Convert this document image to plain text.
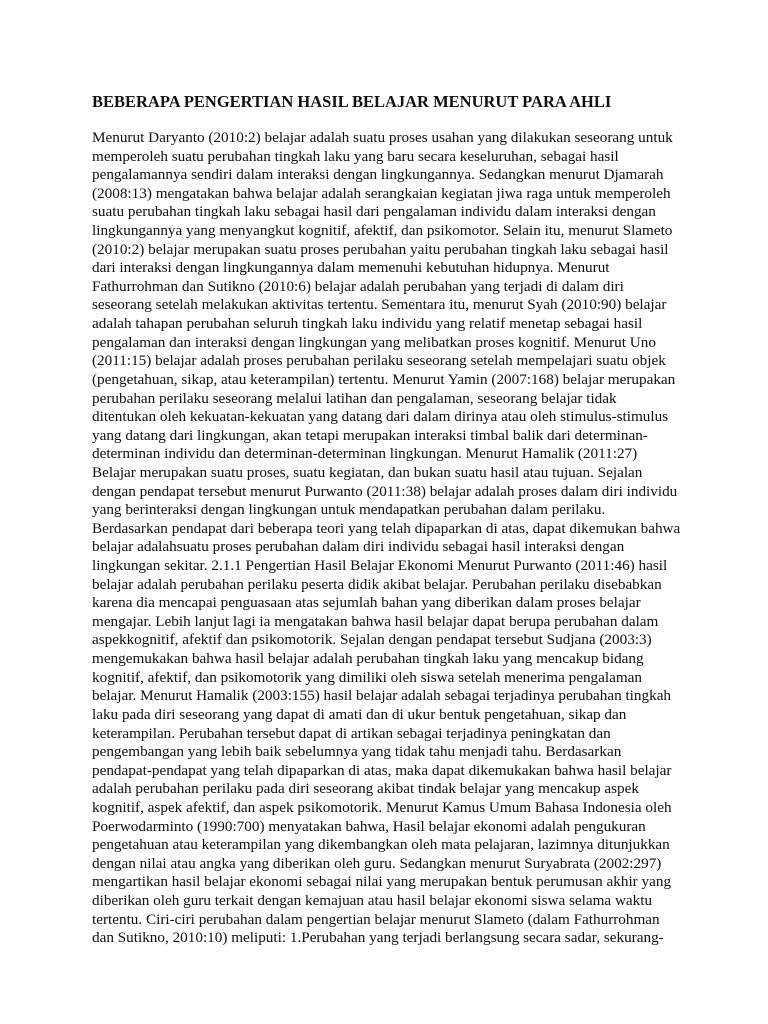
BEBERAPA PENGERTIAN HASIL BELAJAR MENURUT PARA AHLI
Menurut Daryanto (2010:2) belajar adalah suatu proses usahan yang dilakukan seseorang untuk
memperoleh suatu perubahan tingkah laku yang baru secara keseluruhan, sebagai hasil
pengalamannya sendiri dalam interaksi dengan lingkungannya. Sedangkan menurut Djamarah
(2008:13) mengatakan bahwa belajar adalah serangkaian kegiatan jiwa raga untuk memperoleh
suatu perubahan tingkah laku sebagai hasil dari pengalaman individu dalam interaksi dengan
lingkungannya yang menyangkut kognitif, afektif, dan psikomotor. Selain itu, menurut Slameto
(2010:2) belajar merupakan suatu proses perubahan yaitu perubahan tingkah laku sebagai hasil
dari interaksi dengan lingkungannya dalam memenuhi kebutuhan hidupnya. Menurut
Fathurrohman dan Sutikno (2010:6) belajar adalah perubahan yang terjadi di dalam diri
seseorang setelah melakukan aktivitas tertentu. Sementara itu, menurut Syah (2010:90) belajar
adalah tahapan perubahan seluruh tingkah laku individu yang relatif menetap sebagai hasil
pengalaman dan interaksi dengan lingkungan yang melibatkan proses kognitif. Menurut Uno
(2011:15) belajar adalah proses perubahan perilaku seseorang setelah mempelajari suatu objek
(pengetahuan, sikap, atau keterampilan) tertentu. Menurut Yamin (2007:168) belajar merupakan
perubahan perilaku seseorang melalui latihan dan pengalaman, seseorang belajar tidak
ditentukan oleh kekuatan-kekuatan yang datang dari dalam dirinya atau oleh stimulus-stimulus
yang datang dari lingkungan, akan tetapi merupakan interaksi timbal balik dari determinan-
determinan individu dan determinan-determinan lingkungan. Menurut Hamalik (2011:27)
Belajar merupakan suatu proses, suatu kegiatan, dan bukan suatu hasil atau tujuan. Sejalan
dengan pendapat tersebut menurut Purwanto (2011:38) belajar adalah proses dalam diri individu
yang berinteraksi dengan lingkungan untuk mendapatkan perubahan dalam perilaku.
Berdasarkan pendapat dari beberapa teori yang telah dipaparkan di atas, dapat dikemukan bahwa
belajar adalahsuatu proses perubahan dalam diri individu sebagai hasil interaksi dengan
lingkungan sekitar. 2.1.1 Pengertian Hasil Belajar Ekonomi Menurut Purwanto (2011:46) hasil
belajar adalah perubahan perilaku peserta didik akibat belajar. Perubahan perilaku disebabkan
karena dia mencapai penguasaan atas sejumlah bahan yang diberikan dalam proses belajar
mengajar. Lebih lanjut lagi ia mengatakan bahwa hasil belajar dapat berupa perubahan dalam
aspekkognitif, afektif dan psikomotorik. Sejalan dengan pendapat tersebut Sudjana (2003:3)
mengemukakan bahwa hasil belajar adalah perubahan tingkah laku yang mencakup bidang
kognitif, afektif, dan psikomotorik yang dimiliki oleh siswa setelah menerima pengalaman
belajar. Menurut Hamalik (2003:155) hasil belajar adalah sebagai terjadinya perubahan tingkah
laku pada diri seseorang yang dapat di amati dan di ukur bentuk pengetahuan, sikap dan
keterampilan. Perubahan tersebut dapat di artikan sebagai terjadinya peningkatan dan
pengembangan yang lebih baik sebelumnya yang tidak tahu menjadi tahu. Berdasarkan
pendapat-pendapat yang telah dipaparkan di atas, maka dapat dikemukakan bahwa hasil belajar
adalah perubahan perilaku pada diri seseorang akibat tindak belajar yang mencakup aspek
kognitif, aspek afektif, dan aspek psikomotorik. Menurut Kamus Umum Bahasa Indonesia oleh
Poerwodarminto (1990:700) menyatakan bahwa, Hasil belajar ekonomi adalah pengukuran
pengetahuan atau keterampilan yang dikembangkan oleh mata pelajaran, lazimnya ditunjukkan
dengan nilai atau angka yang diberikan oleh guru. Sedangkan menurut Suryabrata (2002:297)
mengartikan hasil belajar ekonomi sebagai nilai yang merupakan bentuk perumusan akhir yang
diberikan oleh guru terkait dengan kemajuan atau hasil belajar ekonomi siswa selama waktu
tertentu. Ciri-ciri perubahan dalam pengertian belajar menurut Slameto (dalam Fathurrohman
dan Sutikno, 2010:10) meliputi: 1.Perubahan yang terjadi berlangsung secara sadar, sekurang-
